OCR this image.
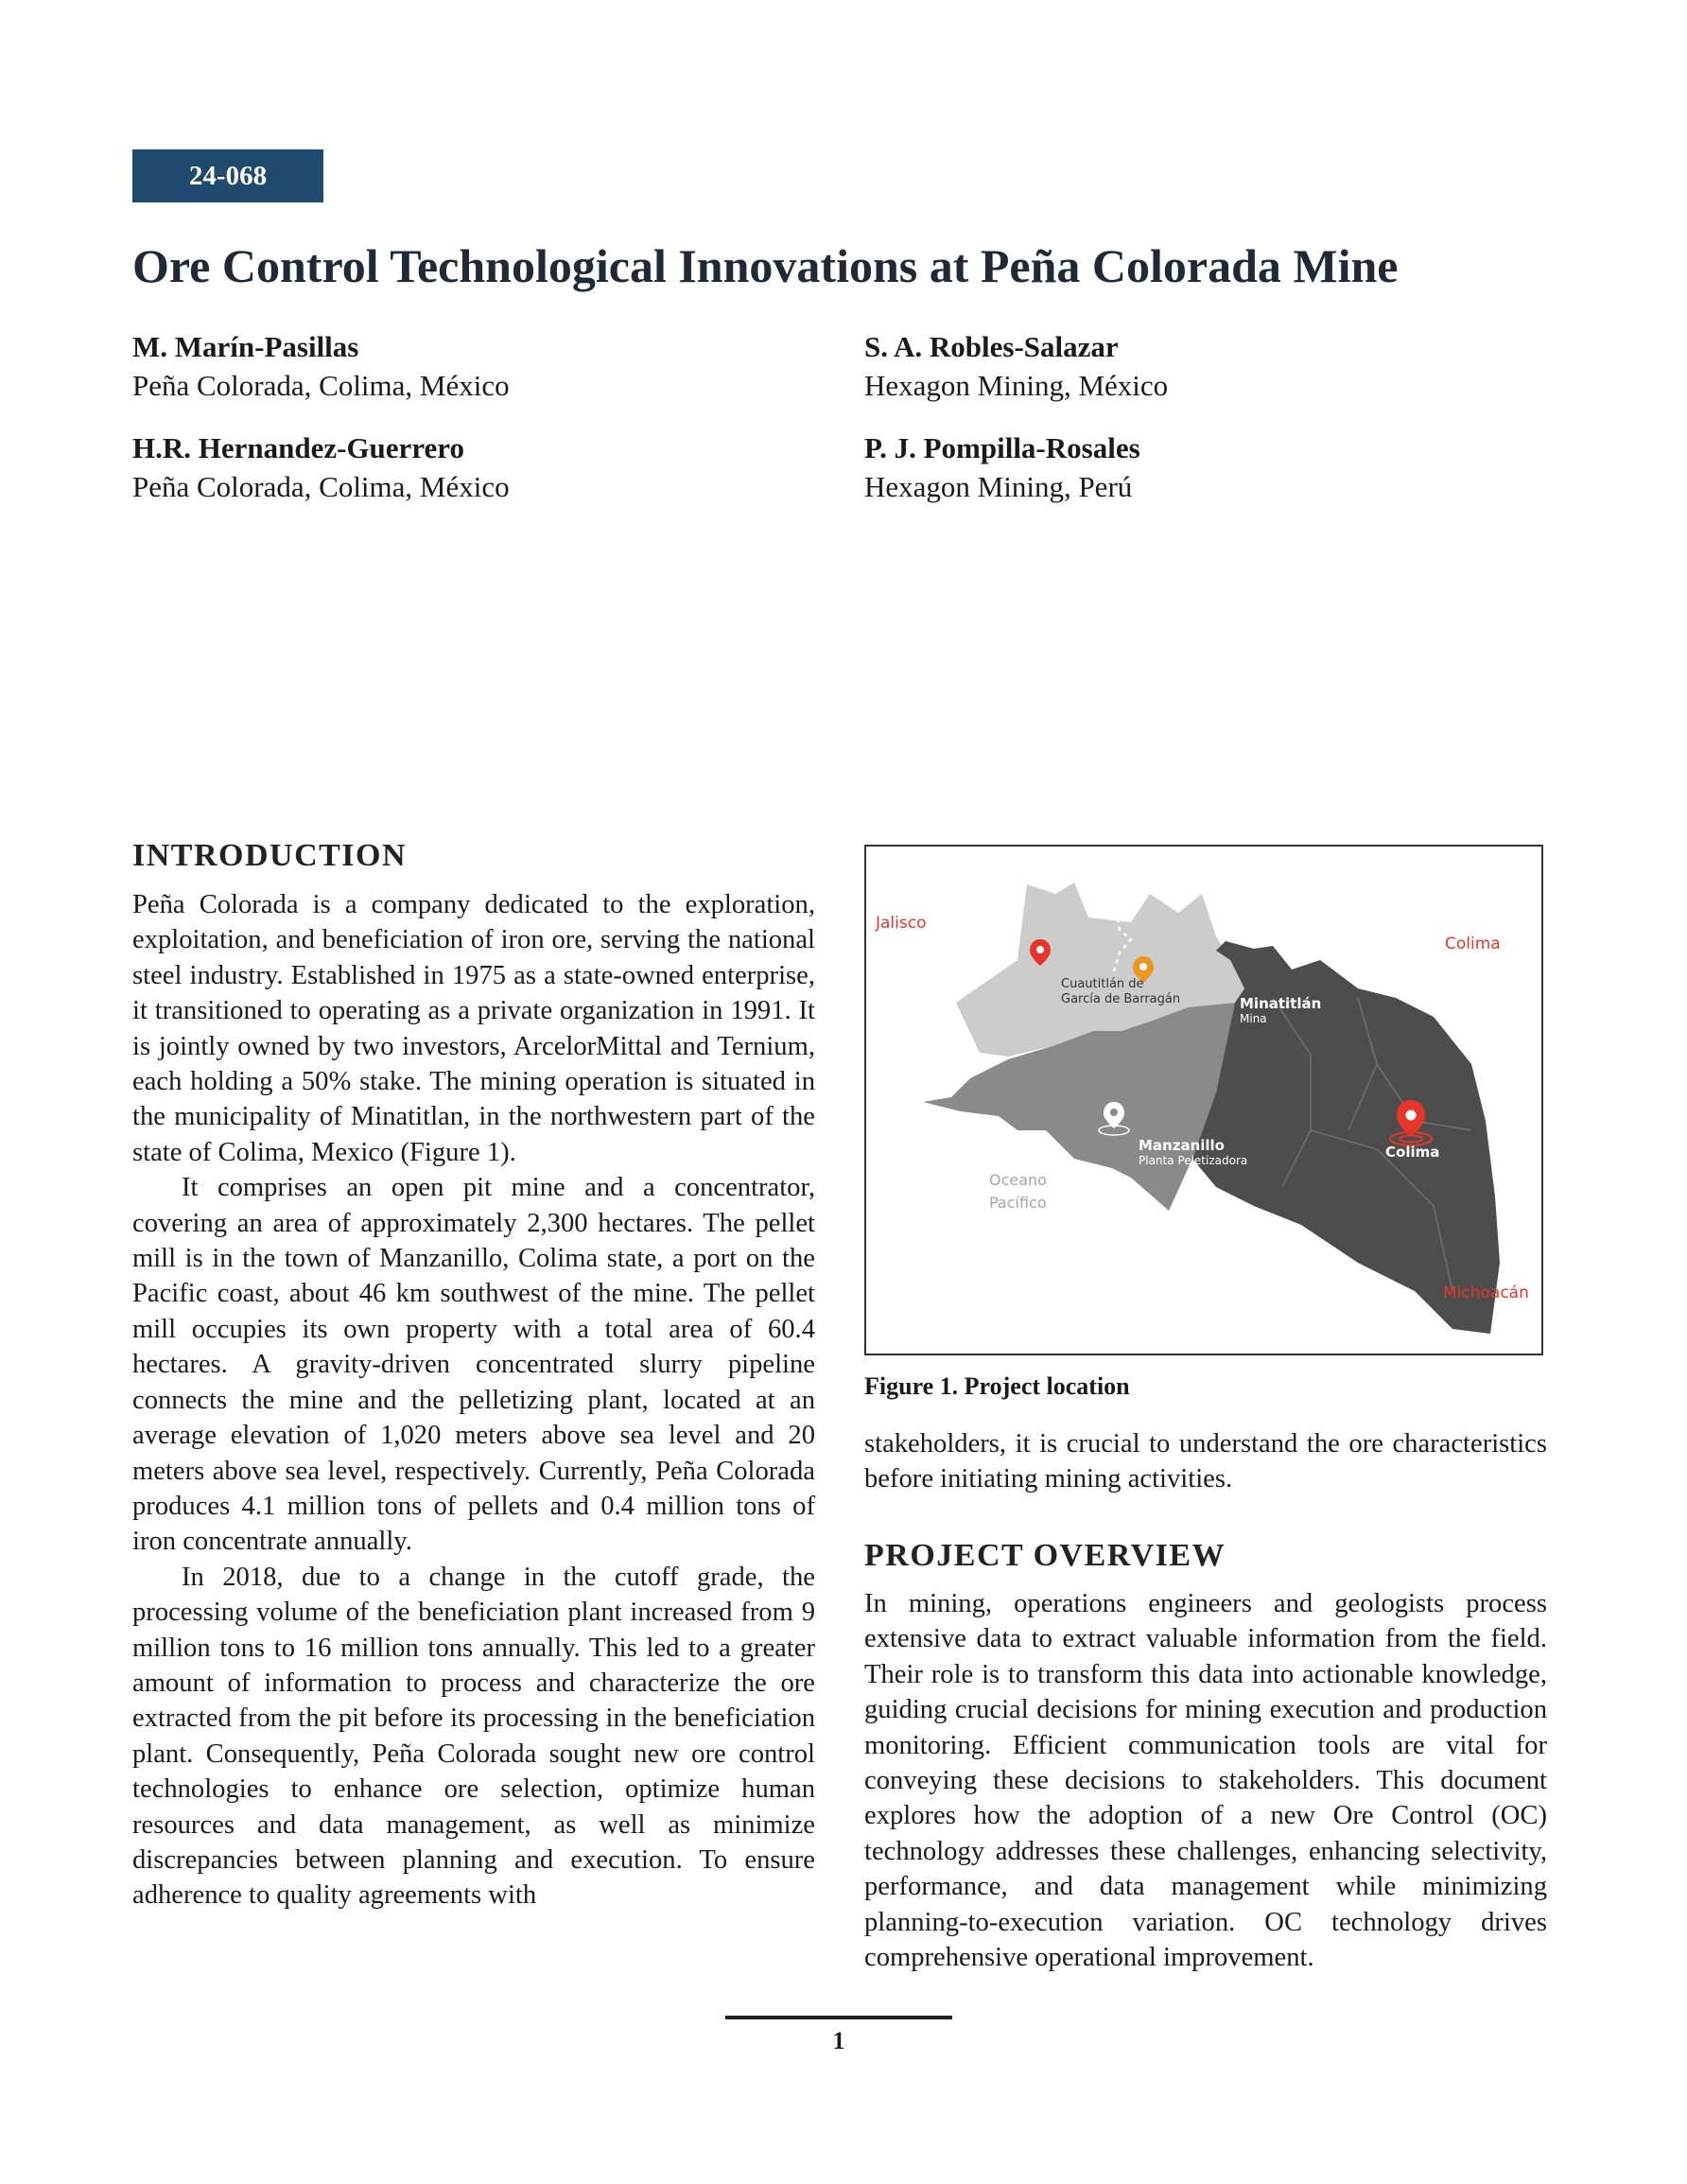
24-068
Ore Control Technological Innovations at Peña Colorada Mine
M. Marín-Pasillas
Peña Colorada, Colima, México
S. A. Robles-Salazar
Hexagon Mining, México
H.R. Hernandez-Guerrero
Peña Colorada, Colima, México
P. J. Pompilla-Rosales
Hexagon Mining, Perú
INTRODUCTION

Peña Colorada is a company dedicated to the exploration, exploitation, and beneficiation of iron ore, serving the national steel industry. Established in 1975 as a state-owned enterprise, it transitioned to operating as a private organization in 1991. It is jointly owned by two investors, ArcelorMittal and Ternium, each holding a 50% stake. The mining operation is situated in the municipality of Minatitlan, in the northwestern part of the state of Colima, Mexico (Figure 1).

It comprises an open pit mine and a concentrator, covering an area of approximately 2,300 hectares. The pellet mill is in the town of Manzanillo, Colima state, a port on the Pacific coast, about 46 km southwest of the mine. The pellet mill occupies its own property with a total area of 60.4 hectares. A gravity-driven concentrated slurry pipeline connects the mine and the pelletizing plant, located at an average elevation of 1,020 meters above sea level and 20 meters above sea level, respectively. Currently, Peña Colorada produces 4.1 million tons of pellets and 0.4 million tons of iron concentrate annually.

In 2018, due to a change in the cutoff grade, the processing volume of the beneficiation plant increased from 9 million tons to 16 million tons annually. This led to a greater amount of information to process and characterize the ore extracted from the pit before its processing in the beneficiation plant. Consequently, Peña Colorada sought new ore control technologies to enhance ore selection, optimize human resources and data management, as well as minimize discrepancies between planning and execution. To ensure adherence to quality agreements with

Jalisco
Colima
Michoacán
Cuautitlán de
García de Barragán	Minatitlán
Mina
Manzanillo
Planta Peletizadora	Colima
Oceano
Pacífico
Figure 1. Project location

stakeholders, it is crucial to understand the ore characteristics before initiating mining activities.

PROJECT OVERVIEW

In mining, operations engineers and geologists process extensive data to extract valuable information from the field. Their role is to transform this data into actionable knowledge, guiding crucial decisions for mining execution and production monitoring. Efficient communication tools are vital for conveying these decisions to stakeholders. This document explores how the adoption of a new Ore Control (OC) technology addresses these challenges, enhancing selectivity, performance, and data management while minimizing planning-to-execution variation. OC technology drives comprehensive operational improvement.

1
